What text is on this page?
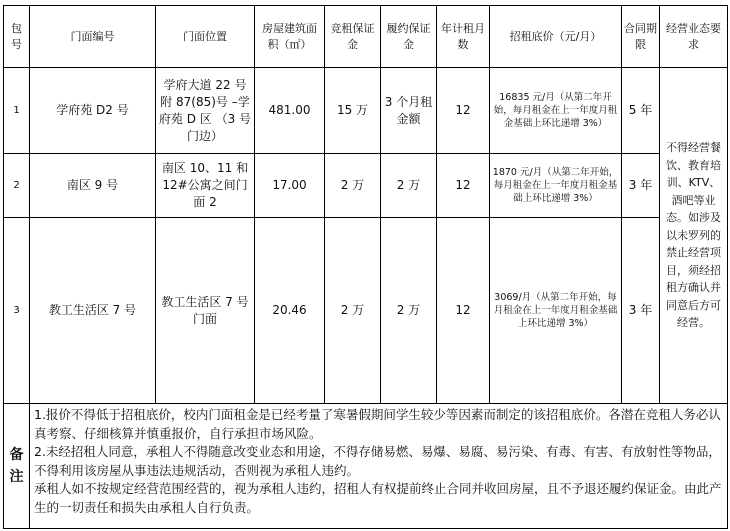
包号	门面编号	门面位置	房屋建筑面积（㎡）	竞租保证金	履约保证金	年计租月数	招租底价（元/月）	合同期限	经营业态要求
1	学府苑 D2 号	学府大道 22 号附 87(85)号 –学府苑 D 区 （3 号门边）	481.00	15 万	3 个月租金额	12	16835 元/月（从第二年开始，每月租金在上一年度月租金基础上环比递增 3%）	5 年	不得经营餐饮、教育培训、KTV、酒吧等业态。如涉及以未罗列的禁止经营项目，须经招租方确认并同意后方可经营。
2	南区 9 号	南区 10、11 和 12#公寓之间门面 2	17.00	2 万	2 万	12	1870 元/月（从第二年开始，每月租金在上一年度月租金基础上环比递增 3%）	3 年	
3	教工生活区 7 号	教工生活区 7 号门面	20.46	2 万	2 万	12	3069/月（从第二年开始，每月租金在上一年度月租金基础上环比递增 3%）	3 年	
备注	1.报价不得低于招租底价，校内门面租金是已经考量了寒暑假期间学生较少等因素而制定的该招租底价。各潜在竞租人务必认真考察、仔细核算并慎重报价，自行承担市场风险。
2.未经招租人同意，承租人不得随意改变业态和用途，不得存储易燃、易爆、易腐、易污染、有毒、有害、有放射性等物品，不得利用该房屋从事违法违规活动，否则视为承租人违约。
承租人如不按规定经营范围经营的，视为承租人违约，招租人有权提前终止合同并收回房屋，且不予退还履约保证金。由此产生的一切责任和损失由承租人自行负责。								
